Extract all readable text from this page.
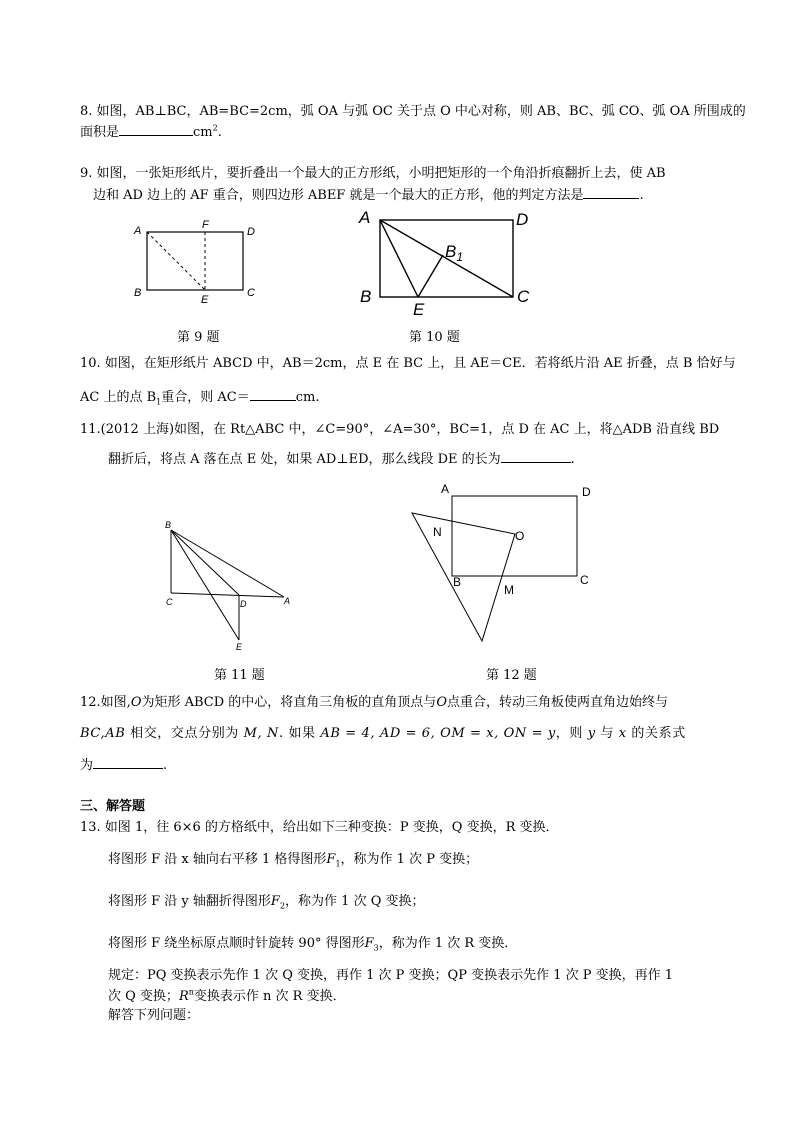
8. 如图，AB⊥BC，AB=BC=2cm，弧 OA 与弧 OC 关于点 O 中心对称，则 AB、BC、弧 CO、弧 OA 所围成的
面积是	$cm^2$.
9. 如图，一张矩形纸片，要折叠出一个最大的正方形纸，小明把矩形的一个角沿折痕翻折上去，使 AB
边和 AD 边上的 AF 重合，则四边形 ABEF 就是一个最大的正方形，他的判定方法是	.
A	F
D
B
E
C
第 9 题
A	D
$B_1$
B
E
C
第 10 题
10. 如图，在矩形纸片 ABCD 中，AB＝2cm，点 E 在 BC 上，且 AE＝CE．若将纸片沿 AE 折叠，点 B 恰好与
AC 上的点 $B_1$重合，则 AC＝	cm.
11.(2012 上海)如图，在 Rt△ABC 中，∠C=90°，∠A=30°，BC=1，点 D 在 AC 上，将△ADB 沿直线 BD
翻折后，将点 A 落在点 E 处，如果 AD⊥ED，那么线段 DE 的长为	.
B
C	D	A
E
第 11 题
A	D
N	O
B
M
C
第 12 题
12.如图,O为矩形 ABCD 的中心，将直角三角板的直角顶点与O点重合，转动三角板使两直角边始终与
BC,AB 相交，交点分别为 M, N. 如果 AB = 4, AD = 6, OM = x, ON = y，则 y 与 x 的关系式
为	.
三、解答题
13. 如图 1，往 6×6 的方格纸中，给出如下三种变换：P 变换，Q 变换，R 变换．
将图形 F 沿 x 轴向右平移 1 格得图形$F_1$，称为作 1 次 P 变换；
将图形 F 沿 y 轴翻折得图形$F_2$，称为作 1 次 Q 变换；
将图形 F 绕坐标原点顺时针旋转 90° 得图形$F_3$，称为作 1 次 R 变换．
规定：PQ 变换表示先作 1 次 Q 变换，再作 1 次 P 变换；QP 变换表示先作 1 次 P 变换，再作 1
次 Q 变换；$R^n$变换表示作 n 次 R 变换．
解答下列问题：
